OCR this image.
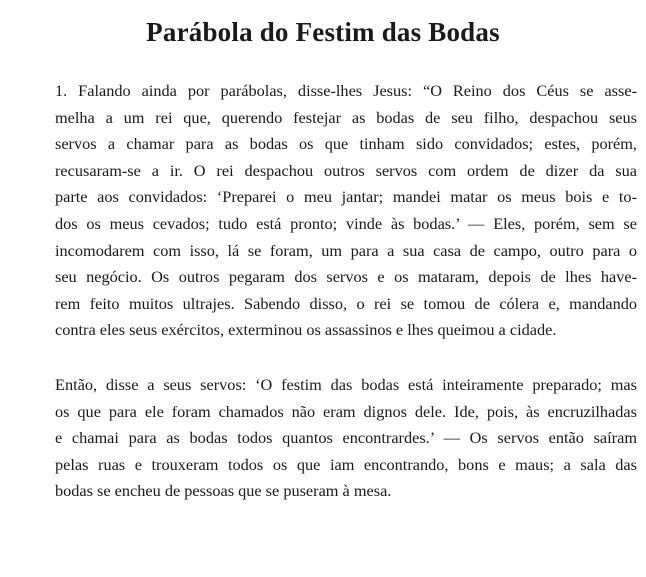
Parábola do Festim das Bodas

1. Falando ainda por parábolas, disse-lhes Jesus: “O Reino dos Céus se asse-
melha a um rei que, querendo festejar as bodas de seu filho, despachou seus
servos a chamar para as bodas os que tinham sido convidados; estes, porém,
recusaram-se a ir. O rei despachou outros servos com ordem de dizer da sua
parte aos convidados: ‘Preparei o meu jantar; mandei matar os meus bois e to-
dos os meus cevados; tudo está pronto; vinde às bodas.’ — Eles, porém, sem se
incomodarem com isso, lá se foram, um para a sua casa de campo, outro para o
seu negócio. Os outros pegaram dos servos e os mataram, depois de lhes have-
rem feito muitos ultrajes. Sabendo disso, o rei se tomou de cólera e, mandando
contra eles seus exércitos, exterminou os assassinos e lhes queimou a cidade.

Então, disse a seus servos: ‘O festim das bodas está inteiramente preparado; mas
os que para ele foram chamados não eram dignos dele. Ide, pois, às encruzilhadas
e chamai para as bodas todos quantos encontrardes.’ — Os servos então saíram
pelas ruas e trouxeram todos os que iam encontrando, bons e maus; a sala das
bodas se encheu de pessoas que se puseram à mesa.
